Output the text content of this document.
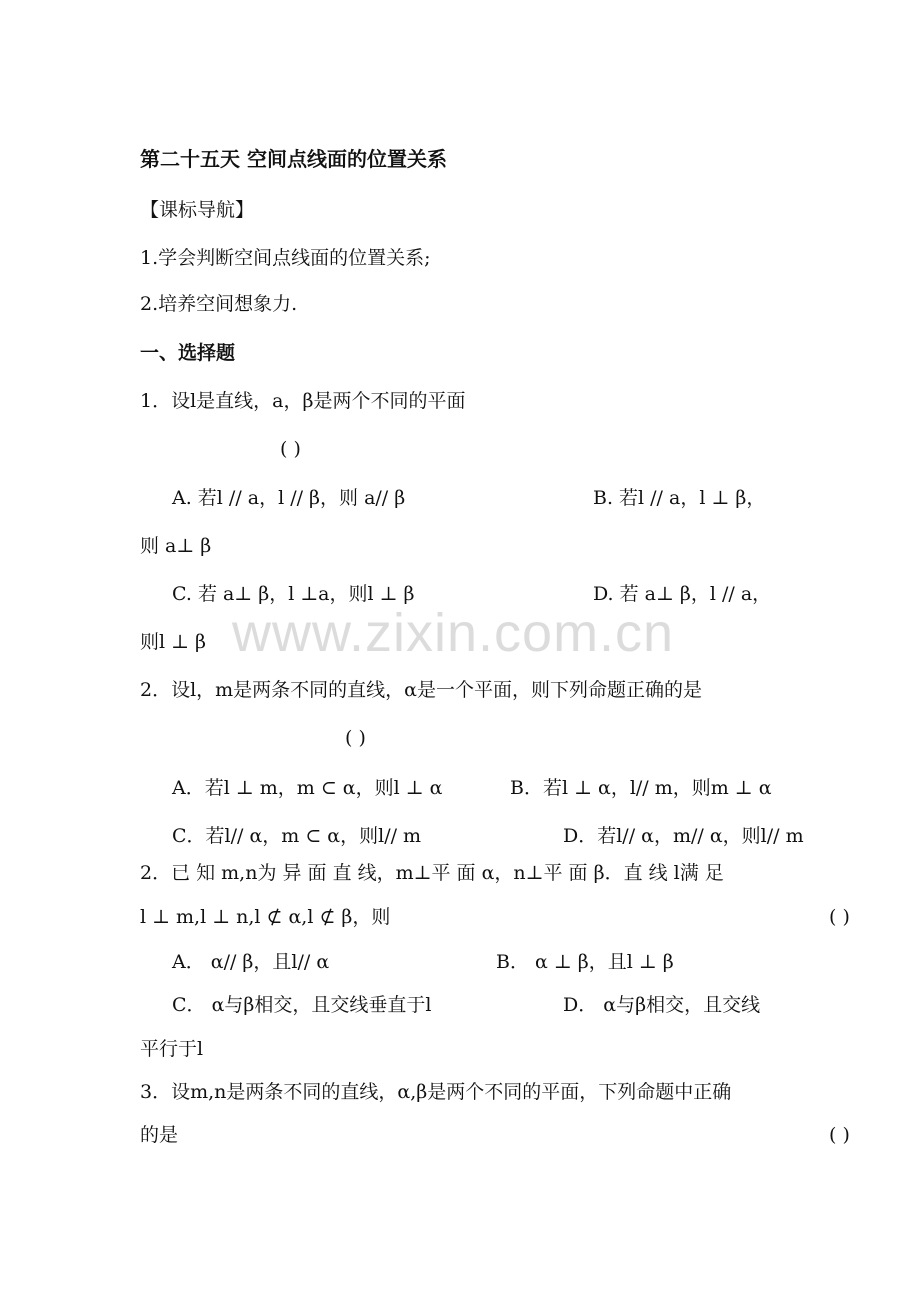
www.zixin.com.cn
第二十五天 空间点线面的位置关系
【课标导航】
1.学会判断空间点线面的位置关系;
2.培养空间想象力.
一、选择题
1．设l是直线，a，β是两个不同的平面
( )
A. 若l // a，l // β，则 a// β	B. 若l // a，l ⊥ β，
则 a⊥ β
C. 若 a⊥ β，l ⊥a，则l ⊥ β	D. 若 a⊥ β，l // a，
则l ⊥ β
2．设l，m是两条不同的直线，α是一个平面，则下列命题正确的是
( )
A．若l ⊥ m，m ⊂ α，则l ⊥ α	B．若l ⊥ α，l// m，则m ⊥ α
C．若l// α，m ⊂ α，则l// m	D．若l// α，m// α，则l// m
2．已 知 m,n为 异 面 直 线，m⊥平 面 α，n⊥平 面 β．直 线 l满 足
l ⊥ m,l ⊥ n,l ⊄ α,l ⊄ β，则	( )
A． α// β，且l// α	B． α ⊥ β，且l ⊥ β
C． α与β相交，且交线垂直于l	D． α与β相交，且交线
平行于l
3．设m,n是两条不同的直线，α,β是两个不同的平面，下列命题中正确
的是	( )
